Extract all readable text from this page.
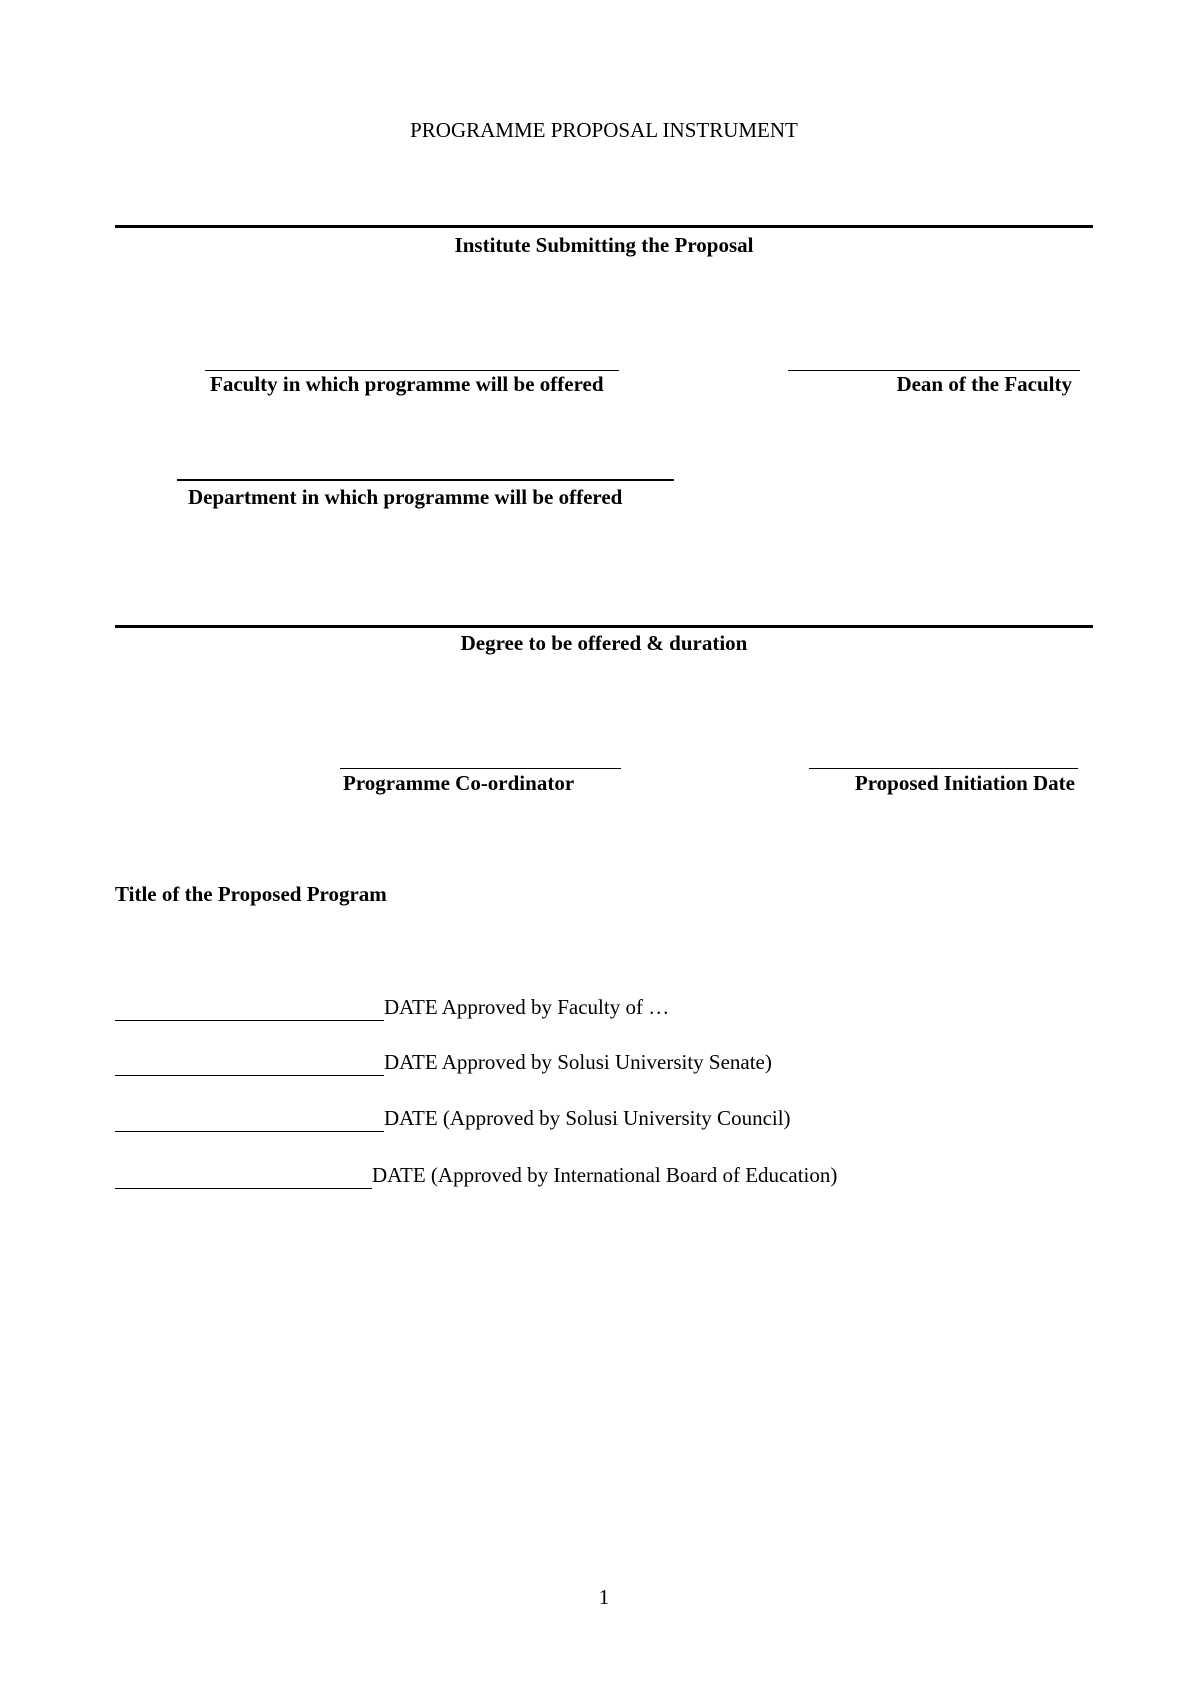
PROGRAMME PROPOSAL INSTRUMENT
Institute Submitting the Proposal
Faculty in which programme will be offered	Dean of the Faculty
Department in which programme will be offered
Degree to be offered & duration
Programme Co-ordinator	Proposed Initiation Date
Title of the Proposed Program
DATE Approved by Faculty of …
DATE Approved by Solusi University Senate)
DATE (Approved by Solusi University Council)
DATE (Approved by International Board of Education)
1
